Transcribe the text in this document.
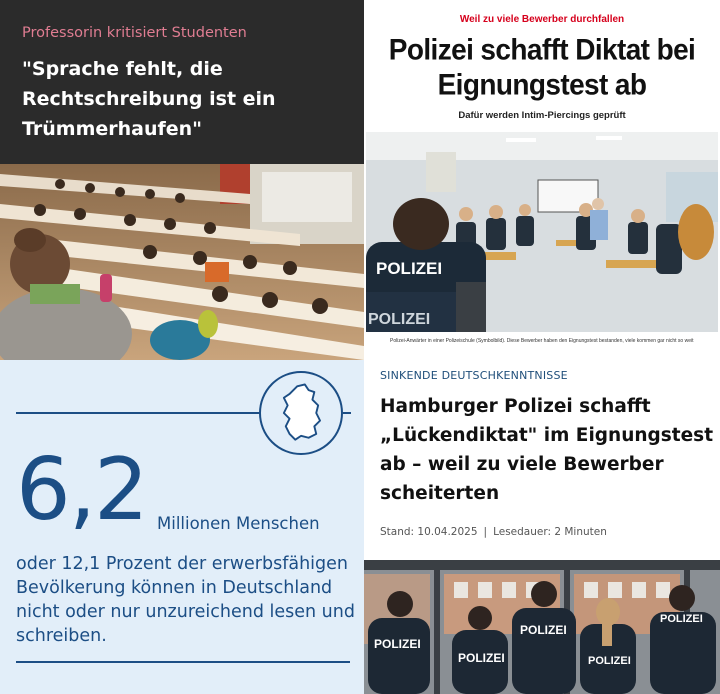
Professorin kritisiert Studenten
"Sprache fehlt, die Rechtschreibung ist ein Trümmerhaufen"
Weil zu viele Bewerber durchfallen
Polizei schafft Diktat bei Eignungstest ab
Dafür werden Intim-Piercings geprüft
POLIZEI
POLIZEI
Polizei-Anwärter in einer Polizeischule (Symbolbild). Diese Bewerber haben den Eignungstest bestanden, viele kommen gar nicht so weit
6,2 Millionen Menschen
oder 12,1 Prozent der erwerbsfähigen Bevölkerung können in Deutschland nicht oder nur unzureichend lesen und schreiben.
SINKENDE DEUTSCHKENNTNISSE
Hamburger Polizei schafft „Lückendiktat" im Eignungstest ab – weil zu viele Bewerber scheiterten
Stand: 10.04.2025 | Lesedauer: 2 Minuten
POLIZEI
POLIZEI
POLIZEI
POLIZEI
POLIZEI
